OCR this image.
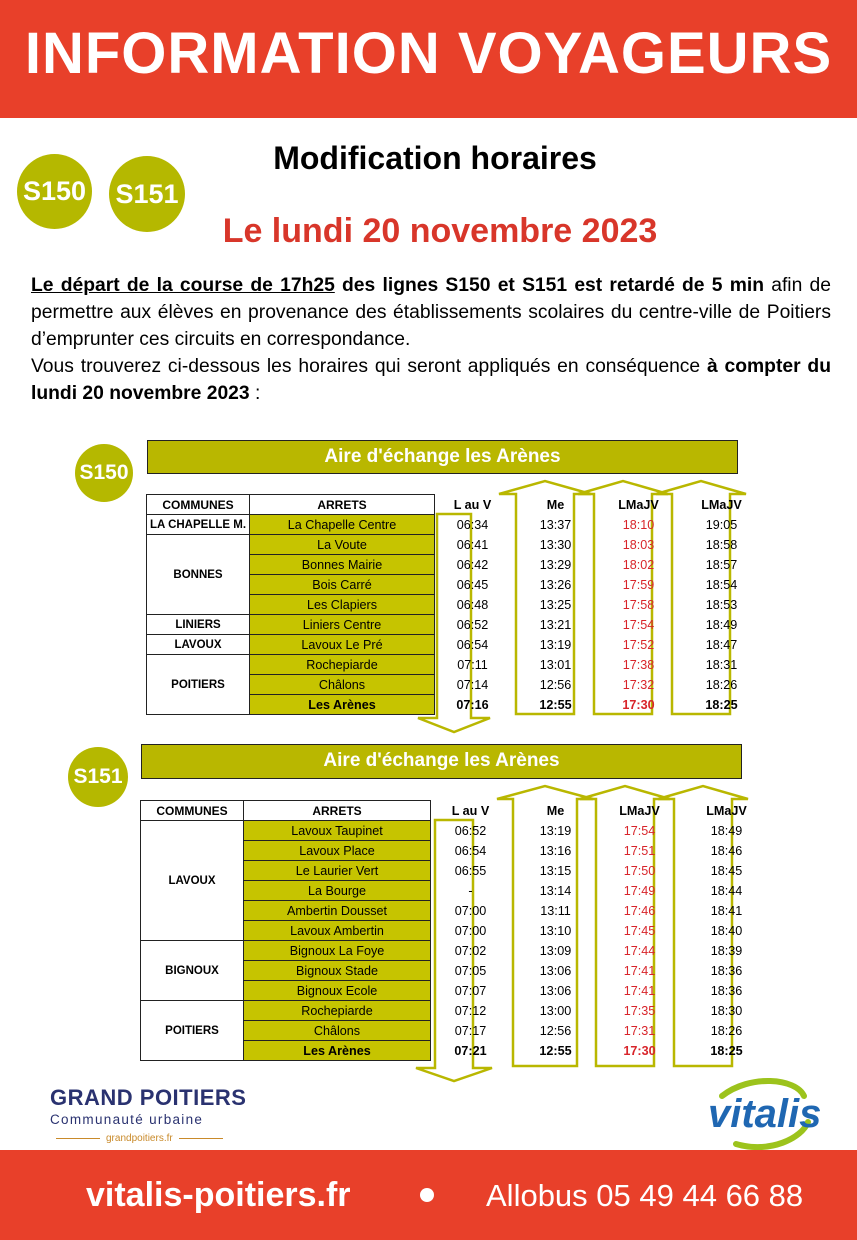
INFORMATION VOYAGEURS
S150 S151
Modification horaires
Le lundi 20 novembre 2023

Le départ de la course de 17h25 des lignes S150 et S151 est retardé de 5 min afin de permettre aux élèves en provenance des établissements scolaires du centre-ville de Poitiers d’emprunter ces circuits en correspondance.

Vous trouverez ci-dessous les horaires qui seront appliqués en conséquence à compter du lundi 20 novembre 2023 :

S150
Aire d'échange les Arènes
COMMUNES	ARRETS		L au V		Me		LMaJV		LMaJV
LA CHAPELLE M.	La Chapelle Centre		06:34		13:37		18:10		19:05
BONNES	La Voute		06:41		13:30		18:03		18:58
	Bonnes Mairie		06:42		13:29		18:02		18:57
	Bois Carré		06:45		13:26		17:59		18:54
	Les Clapiers		06:48		13:25		17:58		18:53
LINIERS	Liniers Centre		06:52		13:21		17:54		18:49
LAVOUX	Lavoux Le Pré		06:54		13:19		17:52		18:47
POITIERS	Rochepiarde		07:11		13:01		17:38		18:31
	Châlons		07:14		12:56		17:32		18:26
	Les Arènes		07:16		12:55		17:30		18:25
S151
Aire d'échange les Arènes
COMMUNES	ARRETS		L au V		Me		LMaJV		LMaJV
LAVOUX	Lavoux Taupinet		06:52		13:19		17:54		18:49
	Lavoux Place		06:54		13:16		17:51		18:46
	Le Laurier Vert		06:55		13:15		17:50		18:45
	La Bourge		-		13:14		17:49		18:44
	Ambertin Dousset		07:00		13:11		17:46		18:41
	Lavoux Ambertin		07:00		13:10		17:45		18:40
BIGNOUX	Bignoux La Foye		07:02		13:09		17:44		18:39
	Bignoux Stade		07:05		13:06		17:41		18:36
	Bignoux Ecole		07:07		13:06		17:41		18:36
POITIERS	Rochepiarde		07:12		13:00		17:35		18:30
	Châlons		07:17		12:56		17:31		18:26
	Les Arènes		07:21		12:55		17:30		18:25
GRAND POITIERS
Communauté urbaine
grandpoitiers.fr
vitalis
vitalis-poitiers.fr	Allobus 05 49 44 66 88
